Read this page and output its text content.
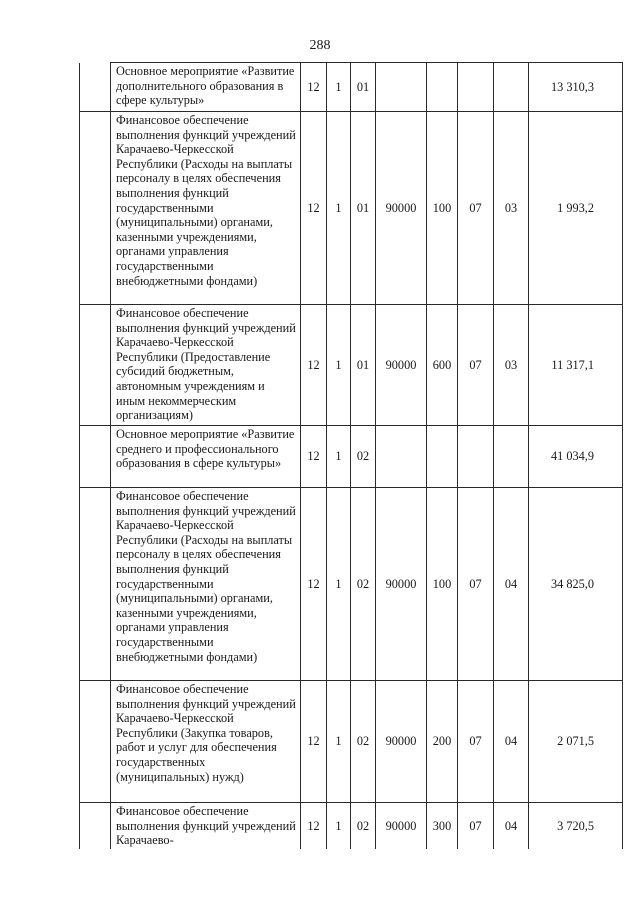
288
	Основное мероприятие «Развитие дополнительного образования в сфере культуры»	12	1	01					13 310,3
	Финансовое обеспечение выполнения функций учреждений Карачаево-Черкесской Республики (Расходы на выплаты персоналу в целях обеспечения выполнения функций государственными (муниципальными) органами, казенными учреждениями, органами управления государственными внебюджетными фондами)	12	1	01	90000	100	07	03	1 993,2
	Финансовое обеспечение выполнения функций учреждений Карачаево-Черкесской Республики (Предоставление субсидий бюджетным, автономным учреждениям и иным некоммерческим организациям)	12	1	01	90000	600	07	03	11 317,1
	Основное мероприятие «Развитие среднего и профессионального образования в сфере культуры»	12	1	02					41 034,9
	Финансовое обеспечение выполнения функций учреждений Карачаево-Черкесской Республики (Расходы на выплаты персоналу в целях обеспечения выполнения функций государственными (муниципальными) органами, казенными учреждениями, органами управления государственными внебюджетными фондами)	12	1	02	90000	100	07	04	34 825,0
	Финансовое обеспечение выполнения функций учреждений Карачаево-Черкесской Республики (Закупка товаров, работ и услуг для обеспечения государственных (муниципальных) нужд)	12	1	02	90000	200	07	04	2 071,5
	Финансовое обеспечение выполнения функций учреждений Карачаево-	12	1	02	90000	300	07	04	3 720,5
